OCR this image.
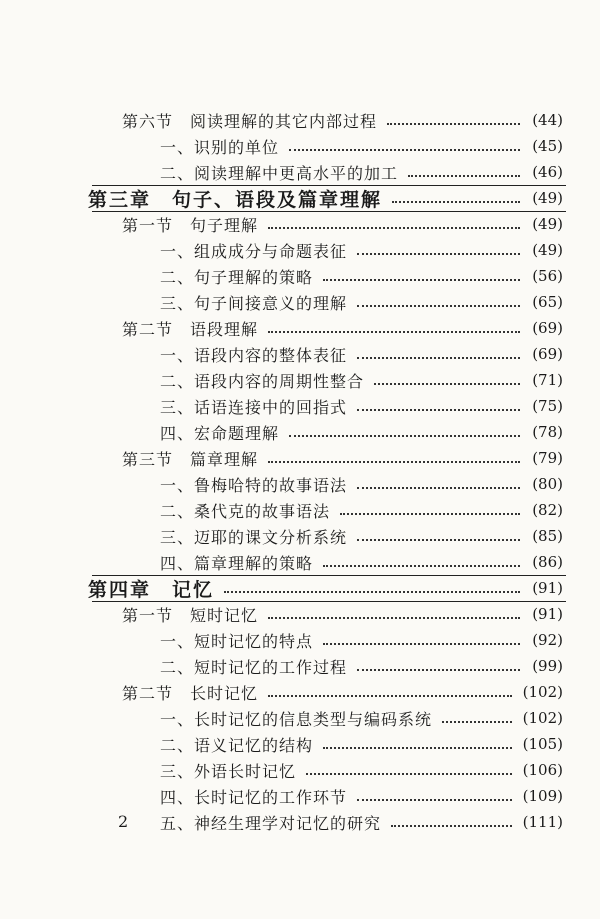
第六节　阅读理解的其它内部过程	(44)
一、识别的单位	(45)
二、阅读理解中更高水平的加工	(46)
第三章　句子、语段及篇章理解	(49)
第一节　句子理解	(49)
一、组成成分与命题表征	(49)
二、句子理解的策略	(56)
三、句子间接意义的理解	(65)
第二节　语段理解	(69)
一、语段内容的整体表征	(69)
二、语段内容的周期性整合	(71)
三、话语连接中的回指式	(75)
四、宏命题理解	(78)
第三节　篇章理解	(79)
一、鲁梅哈特的故事语法	(80)
二、桑代克的故事语法	(82)
三、迈耶的课文分析系统	(85)
四、篇章理解的策略	(86)
第四章　记忆	(91)
第一节　短时记忆	(91)
一、短时记忆的特点	(92)
二、短时记忆的工作过程	(99)
第二节　长时记忆	(102)
一、长时记忆的信息类型与编码系统	(102)
二、语义记忆的结构	(105)
三、外语长时记忆	(106)
四、长时记忆的工作环节	(109)
五、神经生理学对记忆的研究	(111)
2
